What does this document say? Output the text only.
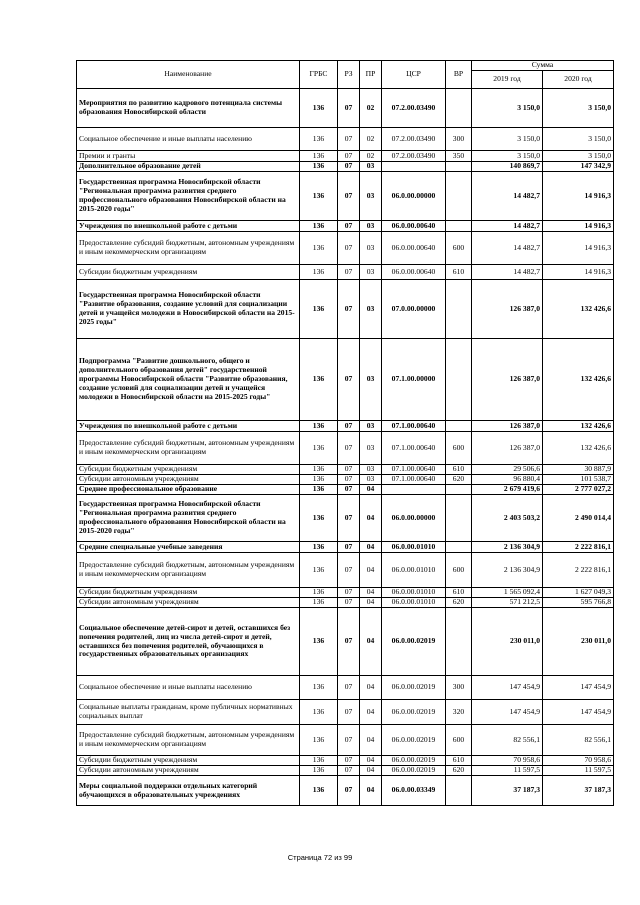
Наименование	ГРБС	РЗ	ПР	ЦСР	ВР	Сумма	
						2019 год	2020 год
Мероприятия по развитию кадрового потенциала системы образования Новосибирской области	136	07	02	07.2.00.03490		3 150,0	3 150,0
Социальное обеспечение и иные выплаты населению	136	07	02	07.2.00.03490	300	3 150,0	3 150,0
Премии и гранты	136	07	02	07.2.00.03490	350	3 150,0	3 150,0
Дополнительное образование детей	136	07	03			140 869,7	147 342,9
Государственная программа Новосибирской области "Региональная программа развития среднего профессионального образования Новосибирской области на 2015-2020 годы"	136	07	03	06.0.00.00000		14 482,7	14 916,3
Учреждения по внешкольной работе с детьми	136	07	03	06.0.00.00640		14 482,7	14 916,3
Предоставление субсидий бюджетным, автономным учреждениям и иным некоммерческим организациям	136	07	03	06.0.00.00640	600	14 482,7	14 916,3
Субсидии бюджетным учреждениям	136	07	03	06.0.00.00640	610	14 482,7	14 916,3
Государственная программа Новосибирской области "Развитие образования, создание условий для социализации детей и учащейся молодежи в Новосибирской области на 2015-2025 годы"	136	07	03	07.0.00.00000		126 387,0	132 426,6
Подпрограмма "Развитие дошкольного, общего и дополнительного образования детей" государственной программы Новосибирской области "Развитие образования, создание условий для социализации детей и учащейся молодежи в Новосибирской области на 2015-2025 годы"	136	07	03	07.1.00.00000		126 387,0	132 426,6
Учреждения по внешкольной работе с детьми	136	07	03	07.1.00.00640		126 387,0	132 426,6
Предоставление субсидий бюджетным, автономным учреждениям и иным некоммерческим организациям	136	07	03	07.1.00.00640	600	126 387,0	132 426,6
Субсидии бюджетным учреждениям	136	07	03	07.1.00.00640	610	29 506,6	30 887,9
Субсидии автономным учреждениям	136	07	03	07.1.00.00640	620	96 880,4	101 538,7
Среднее профессиональное образование	136	07	04			2 679 419,6	2 777 027,2
Государственная программа Новосибирской области "Региональная программа развития среднего профессионального образования Новосибирской области на 2015-2020 годы"	136	07	04	06.0.00.00000		2 403 503,2	2 490 014,4
Средние специальные учебные заведения	136	07	04	06.0.00.01010		2 136 304,9	2 222 816,1
Предоставление субсидий бюджетным, автономным учреждениям и иным некоммерческим организациям	136	07	04	06.0.00.01010	600	2 136 304,9	2 222 816,1
Субсидии бюджетным учреждениям	136	07	04	06.0.00.01010	610	1 565 092,4	1 627 049,3
Субсидии автономным учреждениям	136	07	04	06.0.00.01010	620	571 212,5	595 766,8
Социальное обеспечение детей-сирот и детей, оставшихся без попечения родителей, лиц из числа детей-сирот и детей, оставшихся без попечения родителей, обучающихся в государственных образовательных организациях	136	07	04	06.0.00.02019		230 011,0	230 011,0
Социальное обеспечение и иные выплаты населению	136	07	04	06.0.00.02019	300	147 454,9	147 454,9
Социальные выплаты гражданам, кроме публичных нормативных социальных выплат	136	07	04	06.0.00.02019	320	147 454,9	147 454,9
Предоставление субсидий бюджетным, автономным учреждениям и иным некоммерческим организациям	136	07	04	06.0.00.02019	600	82 556,1	82 556,1
Субсидии бюджетным учреждениям	136	07	04	06.0.00.02019	610	70 958,6	70 958,6
Субсидии автономным учреждениям	136	07	04	06.0.00.02019	620	11 597,5	11 597,5
Меры социальной поддержки отдельных категорий обучающихся в образовательных учреждениях	136	07	04	06.0.00.03349		37 187,3	37 187,3
Страница 72 из 99
